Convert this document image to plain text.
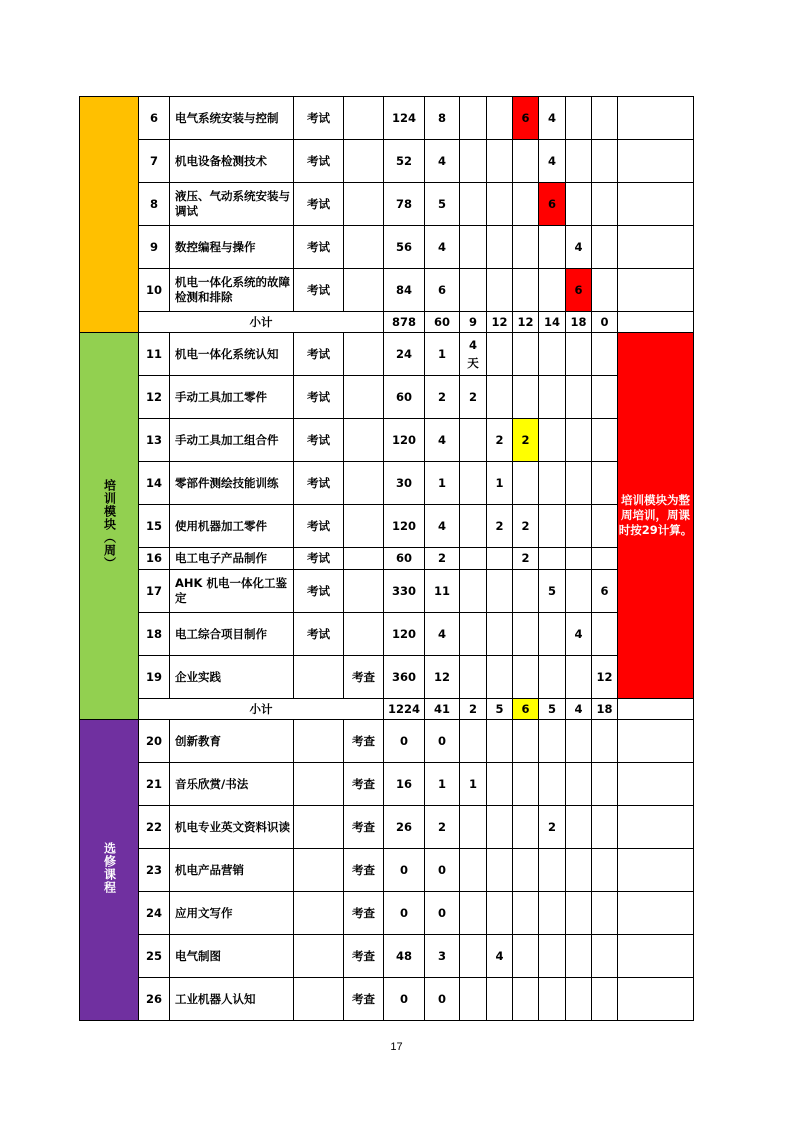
	6	电气系统安装与控制	考试		124	8			6	4			
	7	机电设备检测技术	考试		52	4				4			
	8	液压、气动系统安装与调试	考试		78	5				6			
	9	数控编程与操作	考试		56	4					4		
	10	机电一体化系统的故障检测和排除	考试		84	6					6		
	小计				878	60	9	12	12	14	18	0	
培训模块（周）	11	机电一体化系统认知	考试		24	1	4天						培训模块为整周培训，周课时按29计算。
	12	手动工具加工零件	考试		60	2	2						
	13	手动工具加工组合件	考试		120	4		2	2				
	14	零部件测绘技能训练	考试		30	1		1					
	15	使用机器加工零件	考试		120	4		2	2				
	16	电工电子产品制作	考试		60	2			2				
	17	AHK 机电一体化工鉴定	考试		330	11				5		6	
	18	电工综合项目制作	考试		120	4					4		
	19	企业实践		考查	360	12						12	
	小计				1224	41	2	5	6	5	4	18	
选修课程	20	创新教育		考查	0	0							
	21	音乐欣赏/书法		考查	16	1	1						
	22	机电专业英文资料识读		考查	26	2				2			
	23	机电产品营销		考查	0	0							
	24	应用文写作		考查	0	0							
	25	电气制图		考查	48	3		4					
	26	工业机器人认知		考查	0	0							
17
